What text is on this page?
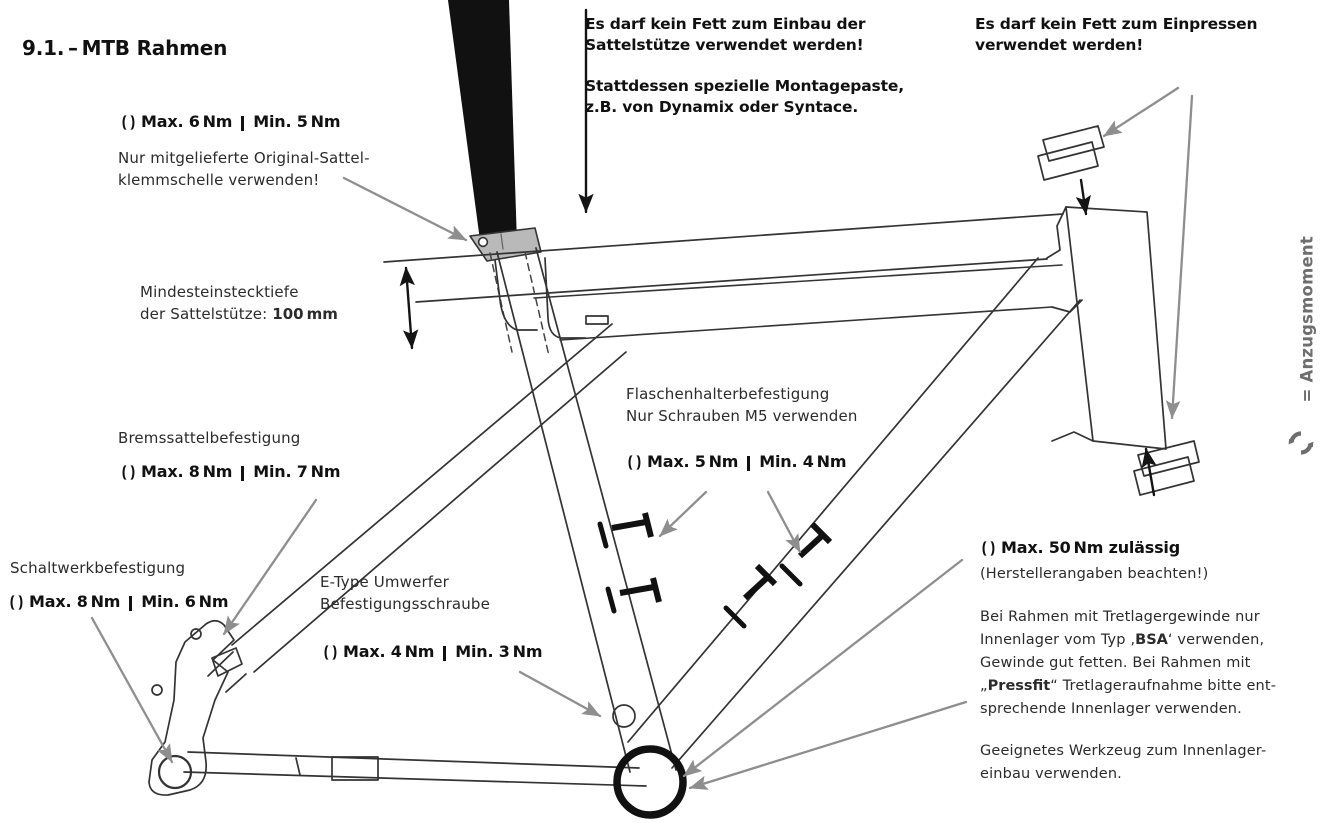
9.1. – MTB Rahmen
Max. 6 Nm Min. 5 Nm
Nur mitgelieferte Original-Sattel-
klemmschelle verwenden!
Es darf kein Fett zum Einbau der
Sattelstütze verwendet werden!
Stattdessen spezielle Montagepaste,
z.B. von Dynamix oder Syntace.
Es darf kein Fett zum Einpressen
verwendet werden!
Mindesteinstecktiefe
der Sattelstütze: 100 mm
Flaschenhalterbefestigung
Nur Schrauben M5 verwenden
Max. 5 Nm Min. 4 Nm
Bremssattelbefestigung
Max. 8 Nm Min. 7 Nm
Schaltwerkbefestigung
Max. 8 Nm Min. 6 Nm
E-Type Umwerfer
Befestigungsschraube
Max. 4 Nm Min. 3 Nm
Max. 50 Nm zulässig
(Herstellerangaben beachten!)
Bei Rahmen mit Tretlagergewinde nur
Innenlager vom Typ ‚BSA‘ verwenden,
Gewinde gut fetten. Bei Rahmen mit
„Pressfit“ Tretlageraufnahme bitte ent-
sprechende Innenlager verwenden.
Geeignetes Werkzeug zum Innenlager-
einbau verwenden.
= Anzugsmoment
